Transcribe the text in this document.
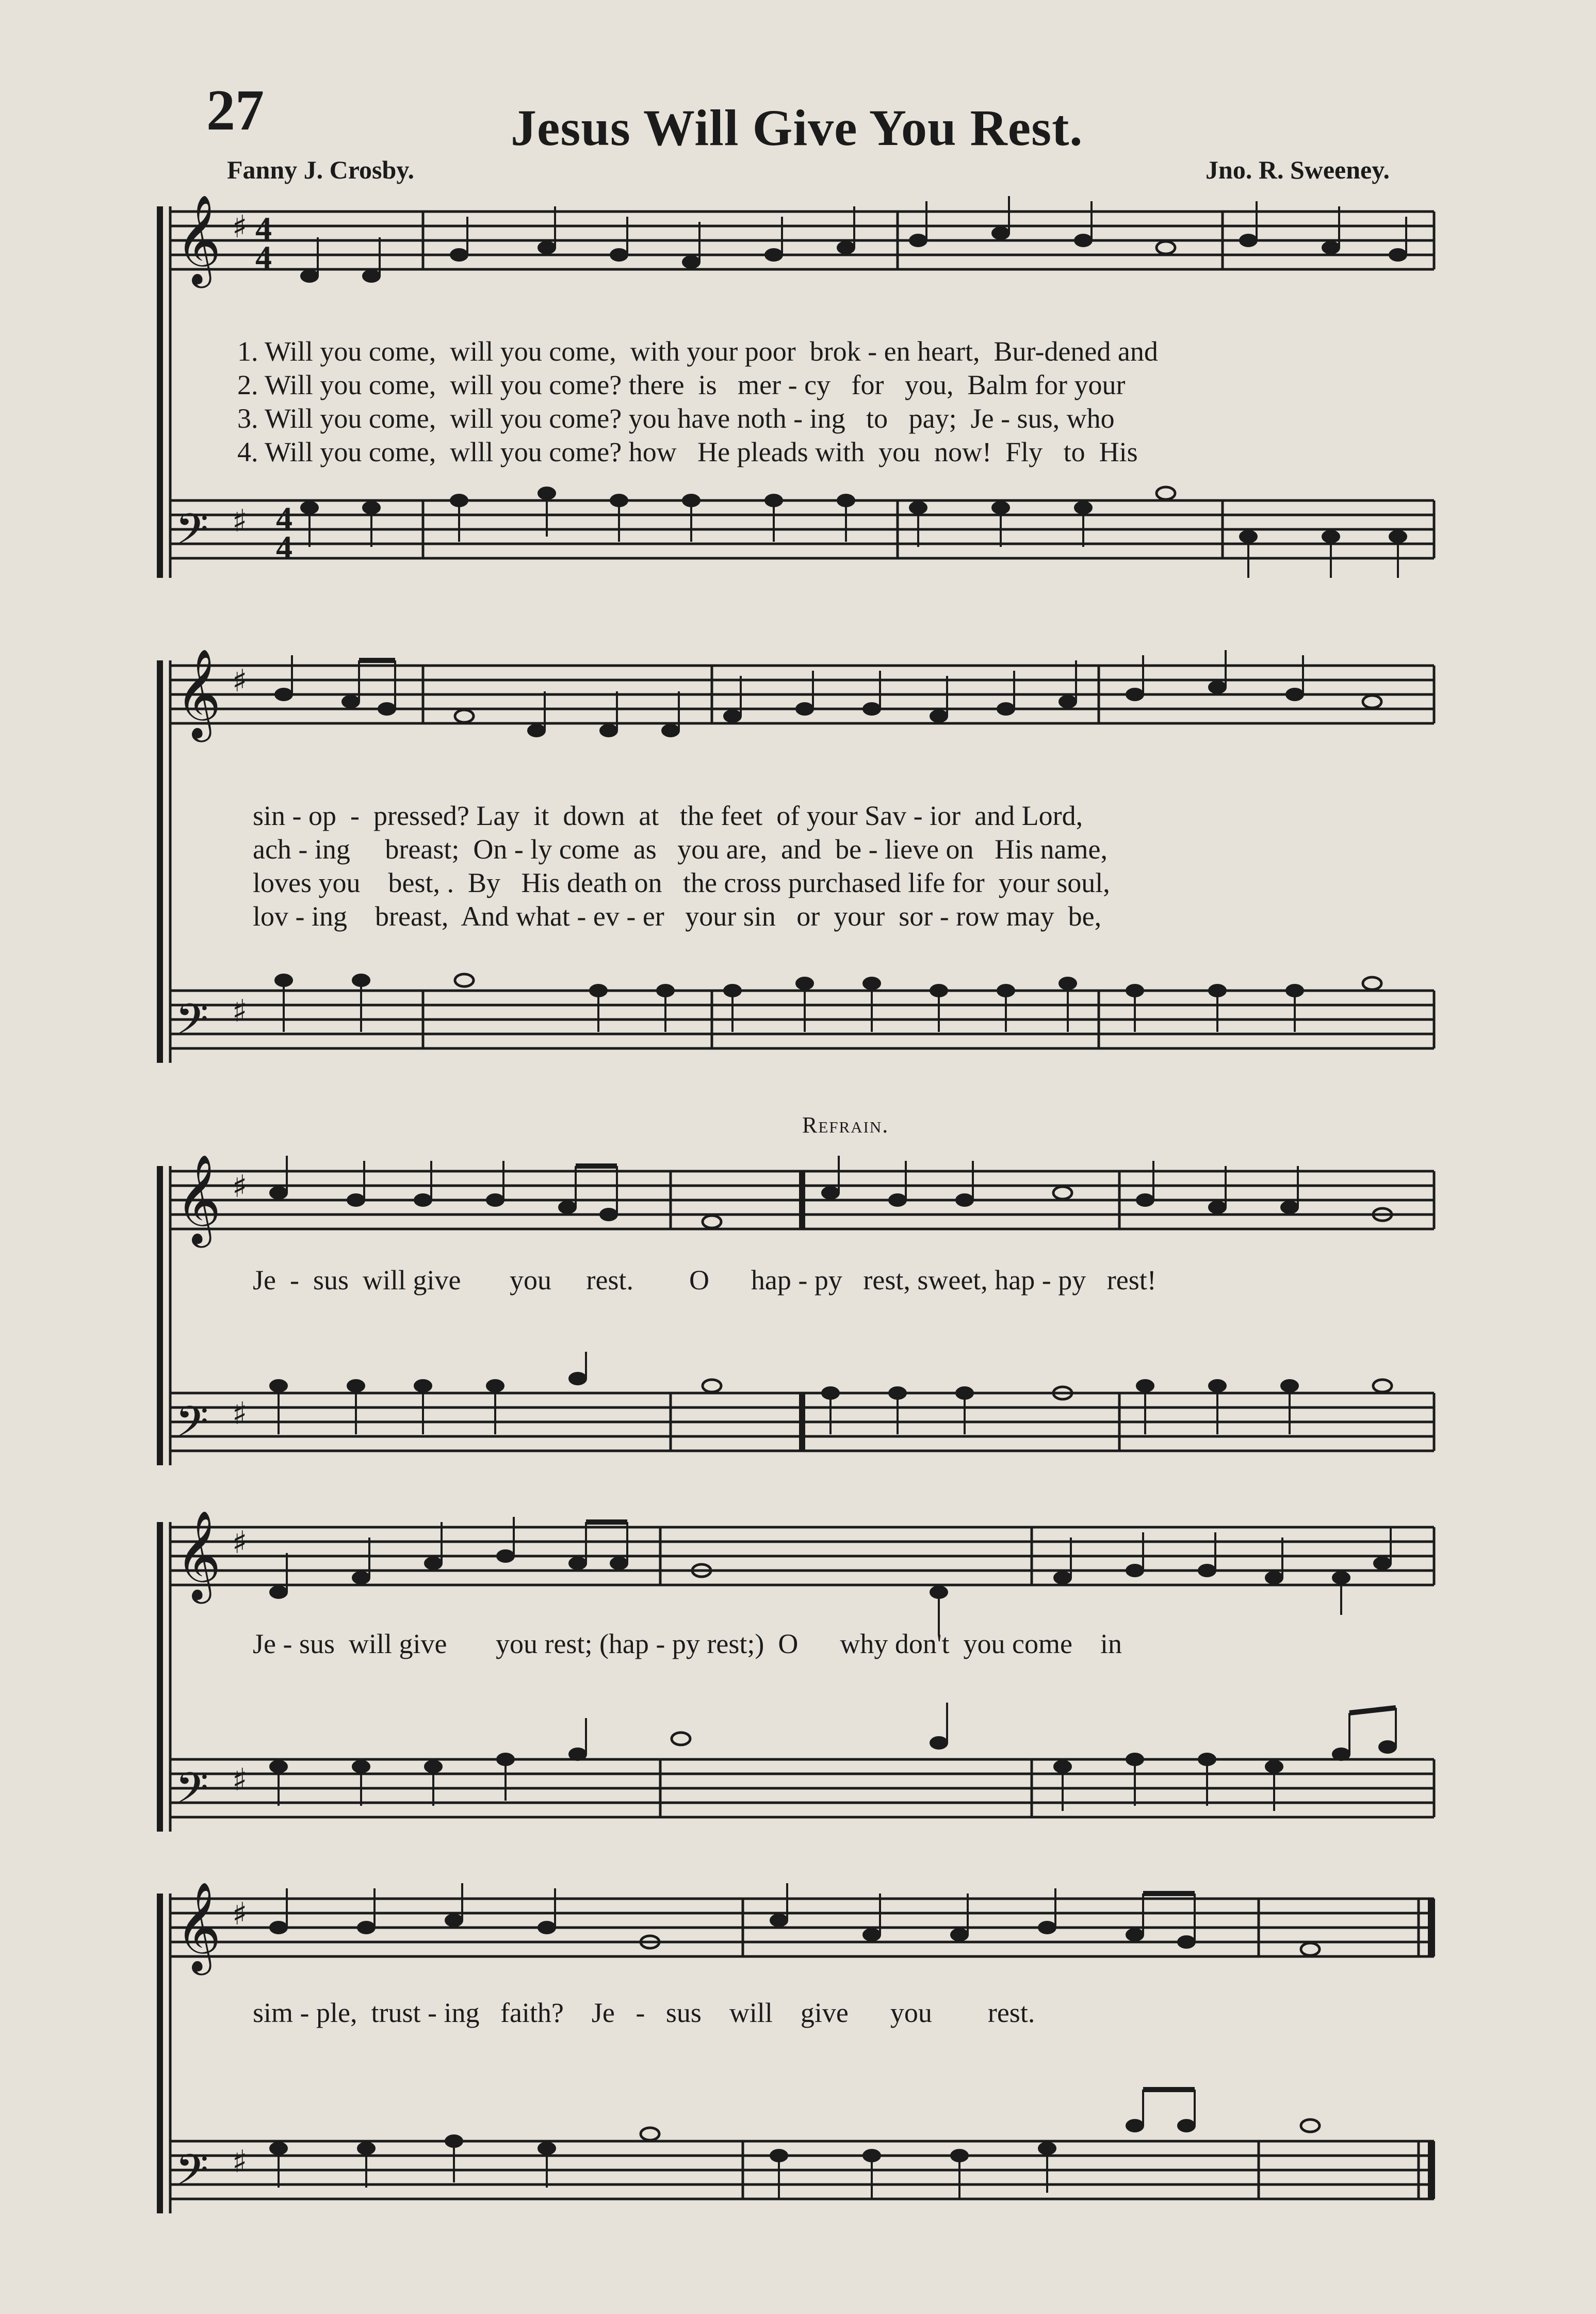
27	Jesus Will Give You Rest.
Fanny J. Crosby.	Jno. R. Sweeney.
𝄞
𝄢
♯
♯
4
4
4
4
1. Will you come,  will you come,  with your poor  brok - en heart,  Bur-dened and
2. Will you come,  will you come? there  is   mer - cy   for   you,  Balm for your
3. Will you come,  will you come? you have noth - ing   to   pay;  Je - sus, who
4. Will you come,  wlll you come? how   He pleads with  you  now!  Fly   to  His
𝄞
𝄢
♯
♯
sin - op  -  pressed? Lay  it  down  at   the feet  of your Sav - ior  and Lord,
ach - ing     breast;  On - ly come  as   you are,  and  be - lieve on   His name,
loves you    best, .  By   His death on   the cross purchased life for  your soul,
lov - ing    breast,  And what - ev - er   your sin   or  your  sor - row may  be,
Refrain.
𝄞
𝄢
♯
♯
Je  -  sus  will give       you     rest.        O      hap - py   rest, sweet, hap - py   rest!
𝄞
𝄢
♯
♯
Je - sus  will give       you rest; (hap - py rest;)  O      why don't  you come    in
𝄞
𝄢
♯
♯
sim - ple,  trust - ing   faith?    Je   -   sus    will    give      you        rest.
